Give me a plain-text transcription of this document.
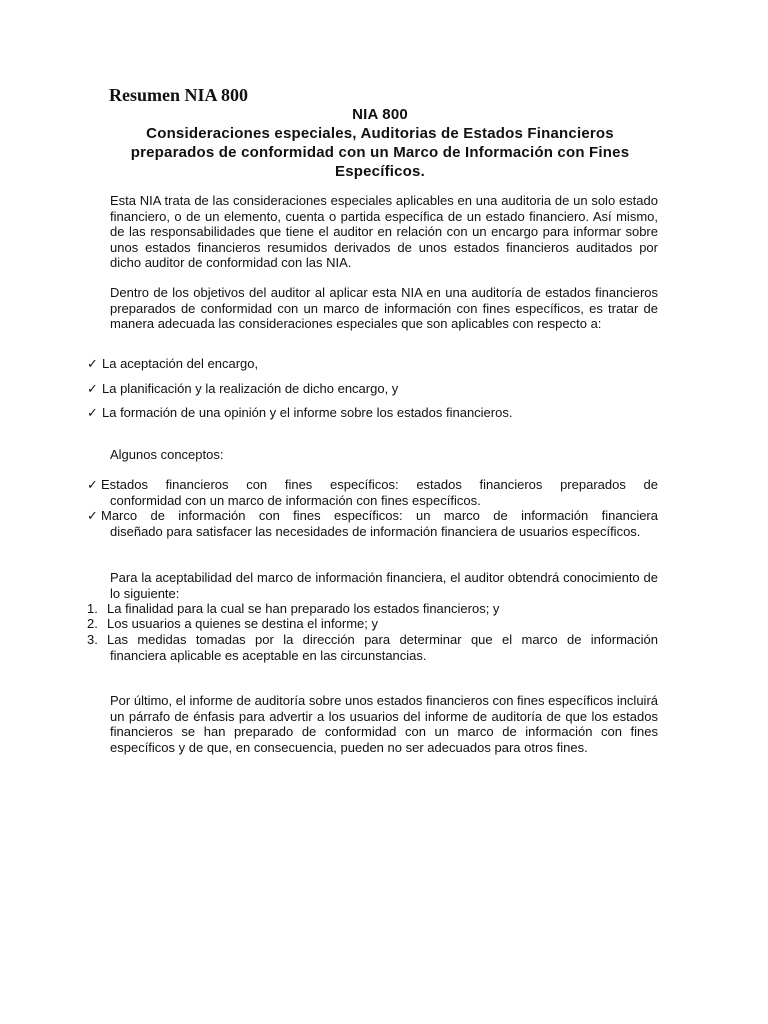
Resumen NIA 800
NIA 800
Consideraciones especiales, Auditorias de Estados Financieros
preparados de conformidad con un Marco de Información con Fines
Específicos.

Esta NIA trata de las consideraciones especiales aplicables en una auditoria de un solo estado financiero, o de un elemento, cuenta o partida específica de un estado financiero. Así mismo, de las responsabilidades que tiene el auditor en relación con un encargo para informar sobre unos estados financieros resumidos derivados de unos estados financieros auditados por dicho auditor de conformidad con las NIA.

Dentro de los objetivos del auditor al aplicar esta NIA en una auditoría de estados financieros preparados de conformidad con un marco de información con fines específicos, es tratar de manera adecuada las consideraciones especiales que son aplicables con respecto a:

✓ La aceptación del encargo,

✓ La planificación y la realización de dicho encargo, y

✓ La formación de una opinión y el informe sobre los estados financieros.

Algunos conceptos:

✓ Estados financieros con fines específicos: estados financieros preparados de
conformidad con un marco de información con fines específicos.
✓ Marco de información con fines específicos: un marco de información financiera
diseñado para satisfacer las necesidades de información financiera de usuarios específicos.

Para la aceptabilidad del marco de información financiera, el auditor obtendrá conocimiento de lo siguiente:

1. La finalidad para la cual se han preparado los estados financieros; y
2. Los usuarios a quienes se destina el informe; y
3. Las medidas tomadas por la dirección para determinar que el marco de información
financiera aplicable es aceptable en las circunstancias.

Por último, el informe de auditoría sobre unos estados financieros con fines específicos incluirá un párrafo de énfasis para advertir a los usuarios del informe de auditoría de que los estados financieros se han preparado de conformidad con un marco de información con fines específicos y de que, en consecuencia, pueden no ser adecuados para otros fines.
